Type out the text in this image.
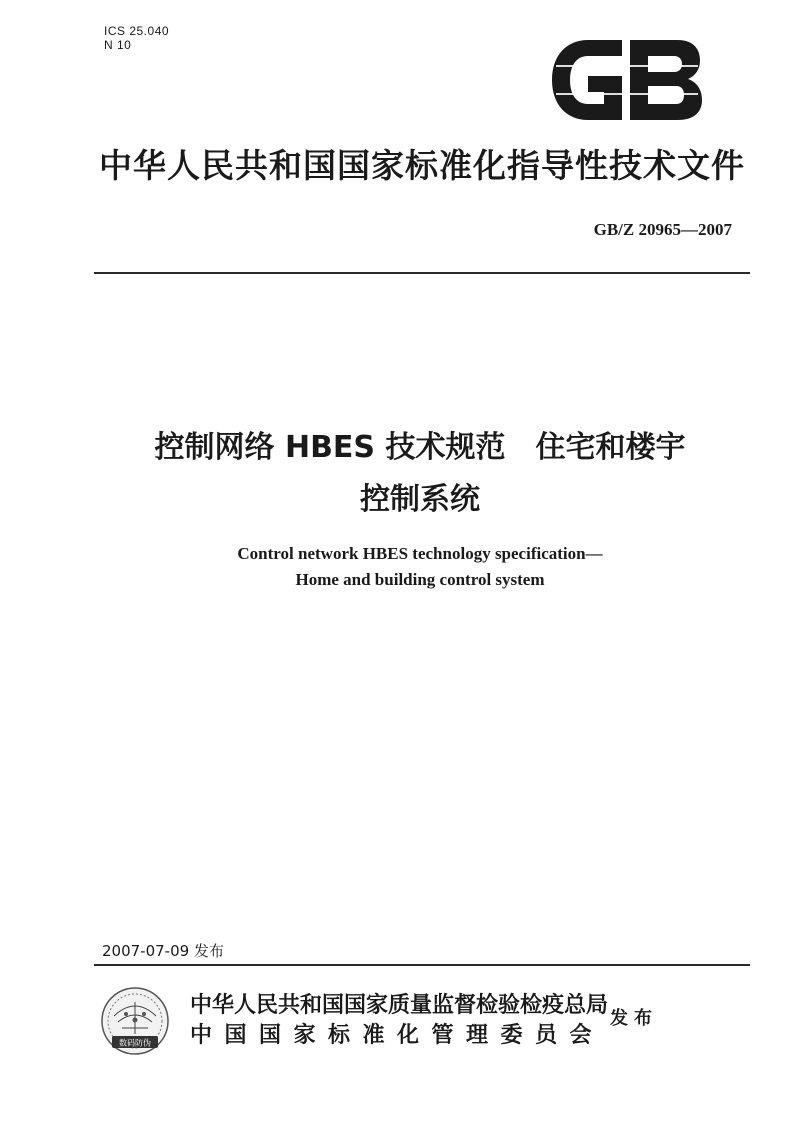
ICS 25.040
N 10
中华人民共和国国家标准化指导性技术文件
GB/Z 20965—2007
控制网络 HBES 技术规范　住宅和楼宇
控制系统
Control network HBES technology specification—
Home and building control system
2007-07-09 发布
数码防伪
中华人民共和国国家质量监督检验检疫总局
中国国家标准化管理委员会
发布
